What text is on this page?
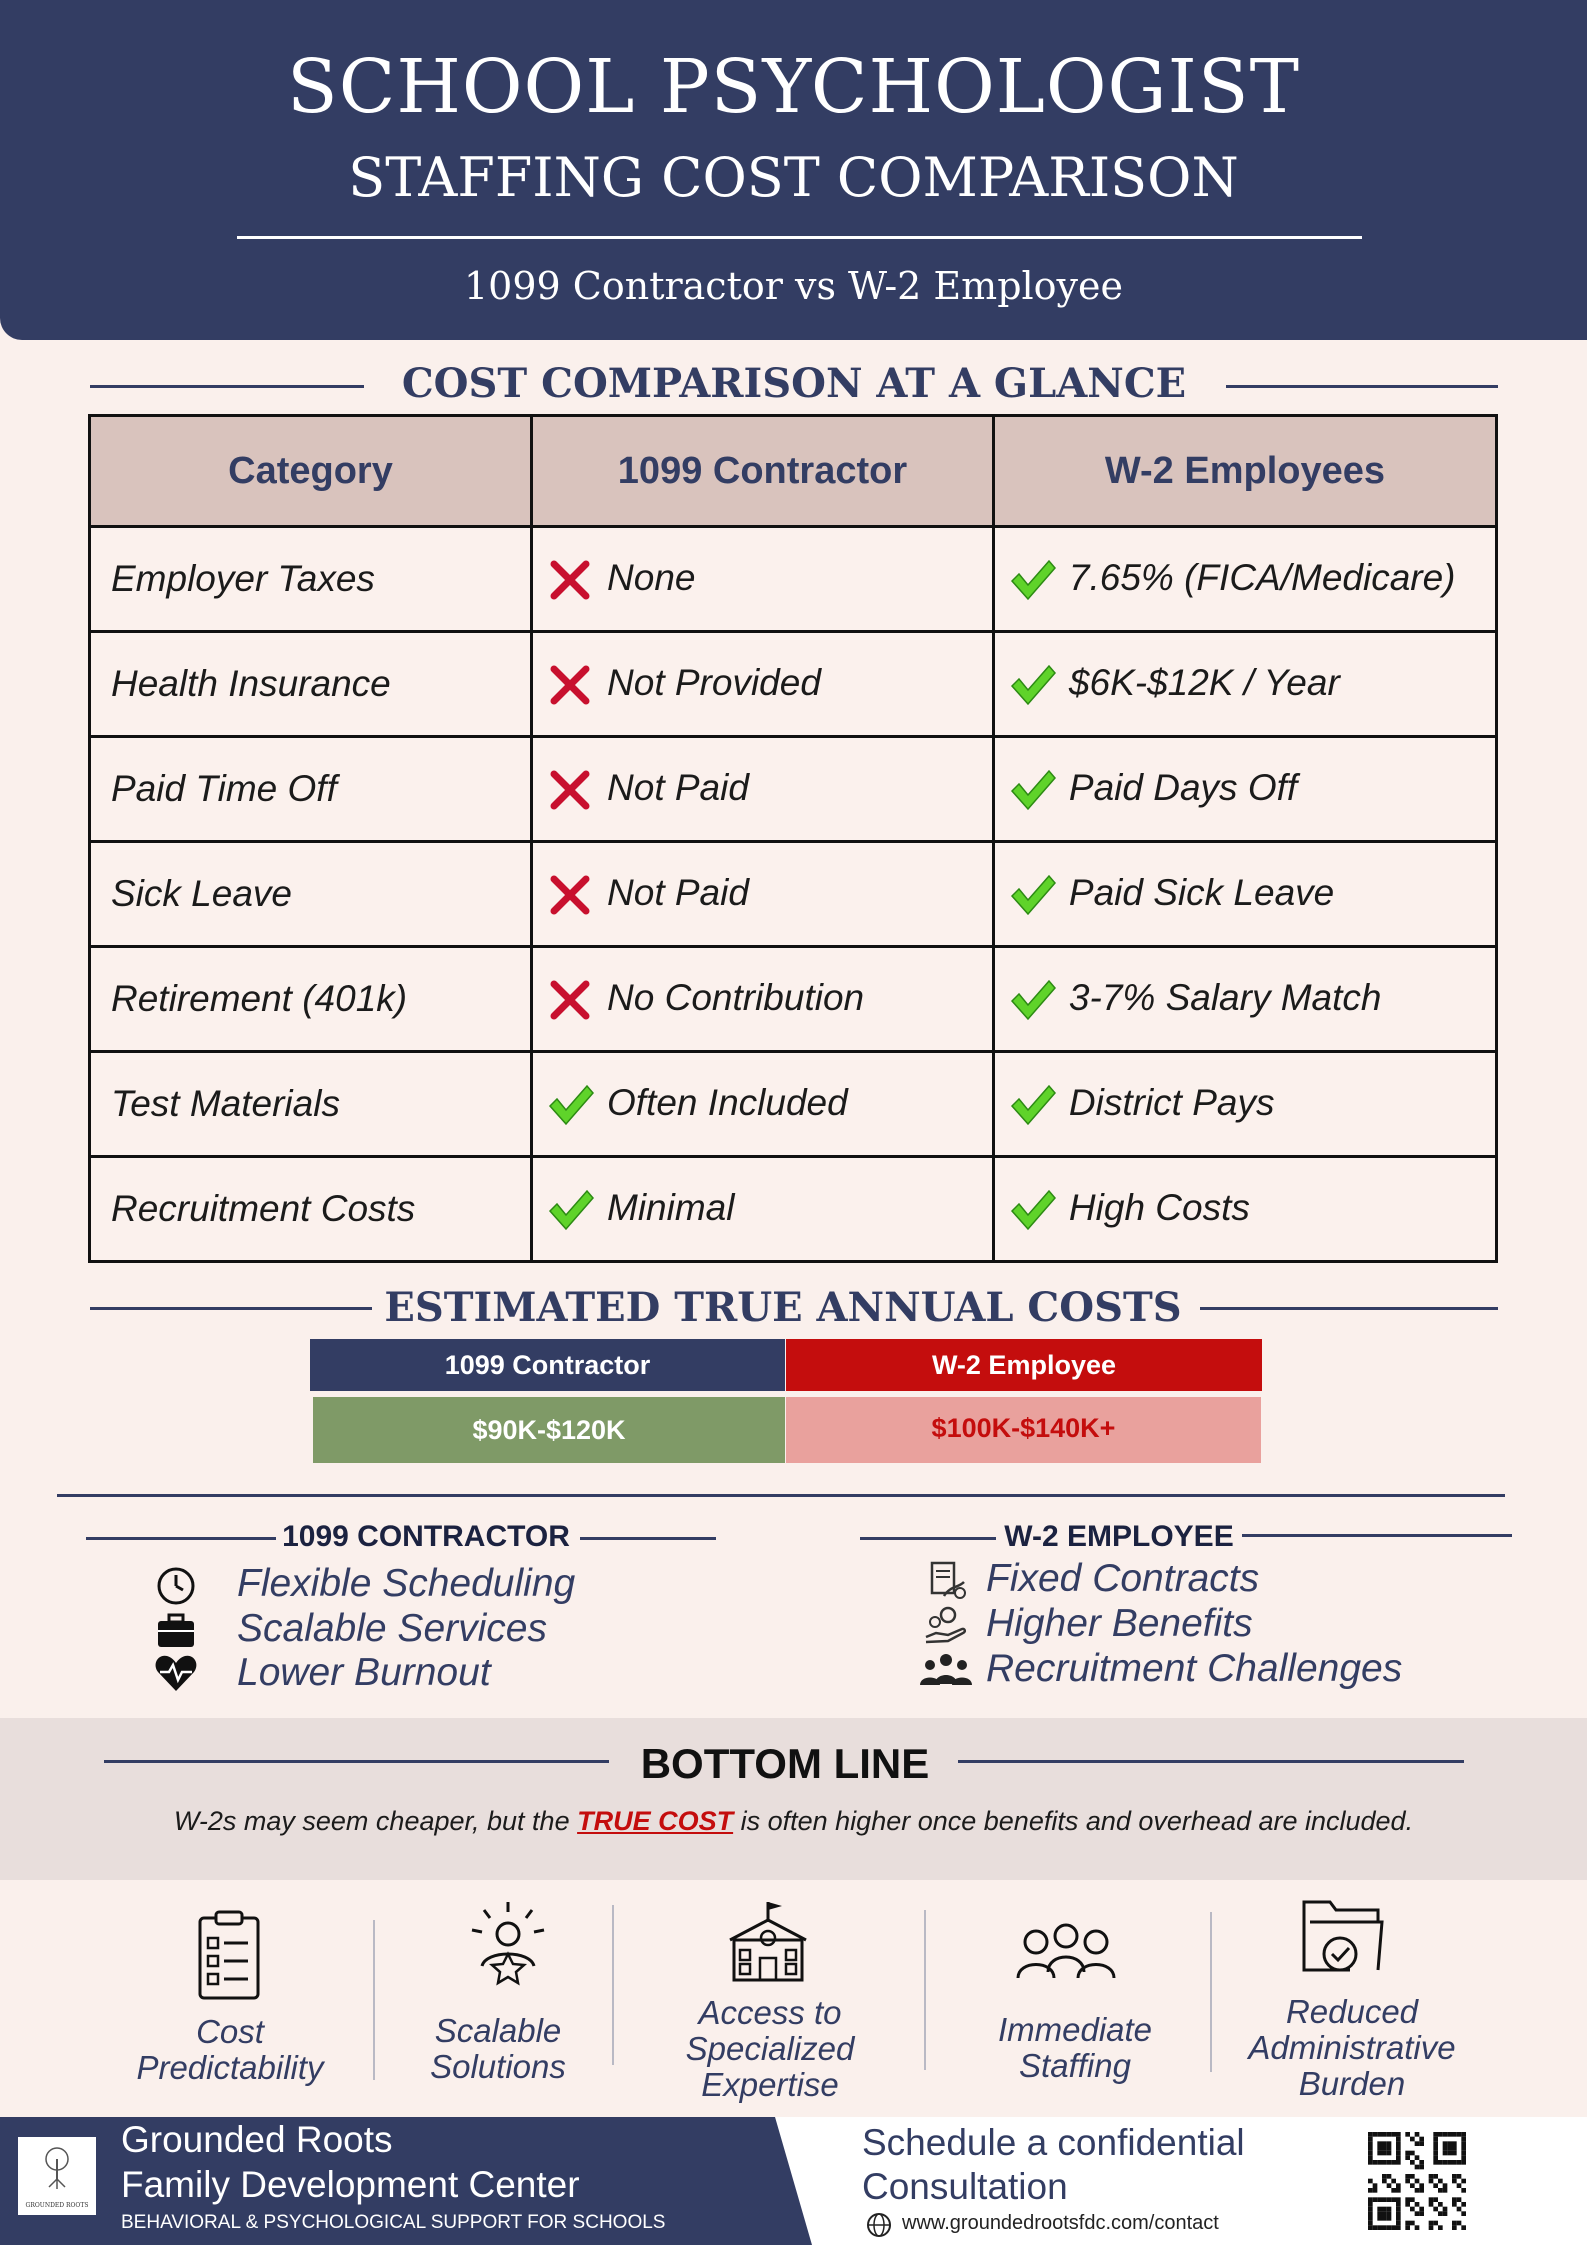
SCHOOL PSYCHOLOGIST
STAFFING COST COMPARISON
1099 Contractor vs W-2 Employee
COST COMPARISON AT A GLANCE
Category	1099 Contractor	W-2 Employees
Employer Taxes	None	7.65% (FICA/Medicare)
Health Insurance	Not Provided	$6K-$12K / Year
Paid Time Off	Not Paid	Paid Days Off
Sick Leave	Not Paid	Paid Sick Leave
Retirement (401k)	No Contribution	3-7% Salary Match
Test Materials	Often Included	District Pays
Recruitment Costs	Minimal	High Costs
ESTIMATED TRUE ANNUAL COSTS
1099 Contractor	W-2 Employee
$90K-$120K	$100K-$140K+
1099 CONTRACTOR	W-2 EMPLOYEE
Flexible Scheduling
Scalable Services
Lower Burnout
Fixed Contracts
Higher Benefits
Recruitment Challenges
BOTTOM LINE
W-2s may seem cheaper, but the TRUE COST is often higher once benefits and overhead are included.
Cost
Predictability
Scalable
Solutions
Access to
Specialized
Expertise
Immediate
Staffing
Reduced
Administrative
Burden
GROUNDED ROOTS
Grounded Roots
Family Development Center
BEHAVIORAL & PSYCHOLOGICAL SUPPORT FOR SCHOOLS
Schedule a confidential
Consultation
www.groundedrootsfdc.com/contact
